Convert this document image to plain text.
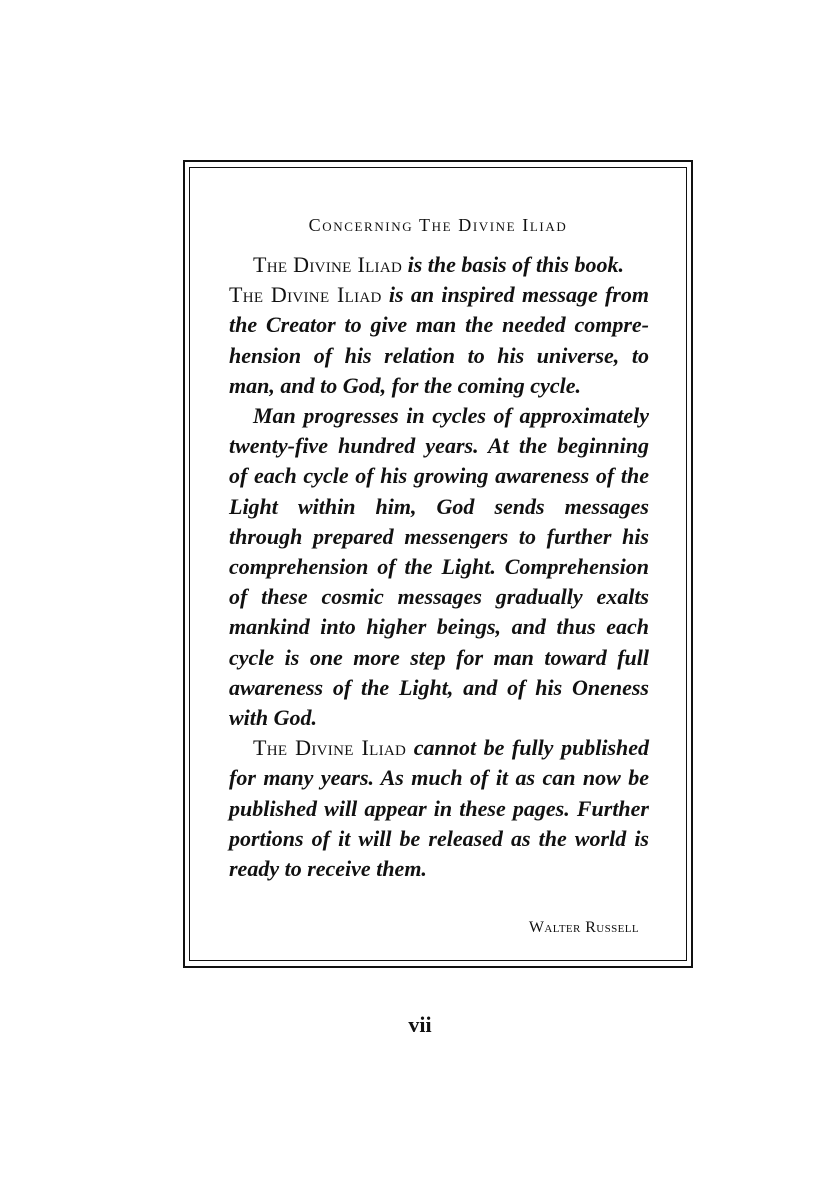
Concerning The Divine Iliad

The Divine Iliad is the basis of this book.

The Divine Iliad is an inspired message from the Creator to give man the needed comprehension of his relation to his universe, to man, and to God, for the coming cycle.

Man progresses in cycles of approximately twenty-five hundred years. At the beginning of each cycle of his growing awareness of the Light within him, God sends messages through prepared messengers to further his comprehension of the Light. Comprehension of these cosmic messages gradually exalts mankind into higher beings, and thus each cycle is one more step for man toward full awareness of the Light, and of his Oneness with God.

The Divine Iliad cannot be fully published for many years. As much of it as can now be published will appear in these pages. Further portions of it will be released as the world is ready to receive them.

Walter Russell
vii
